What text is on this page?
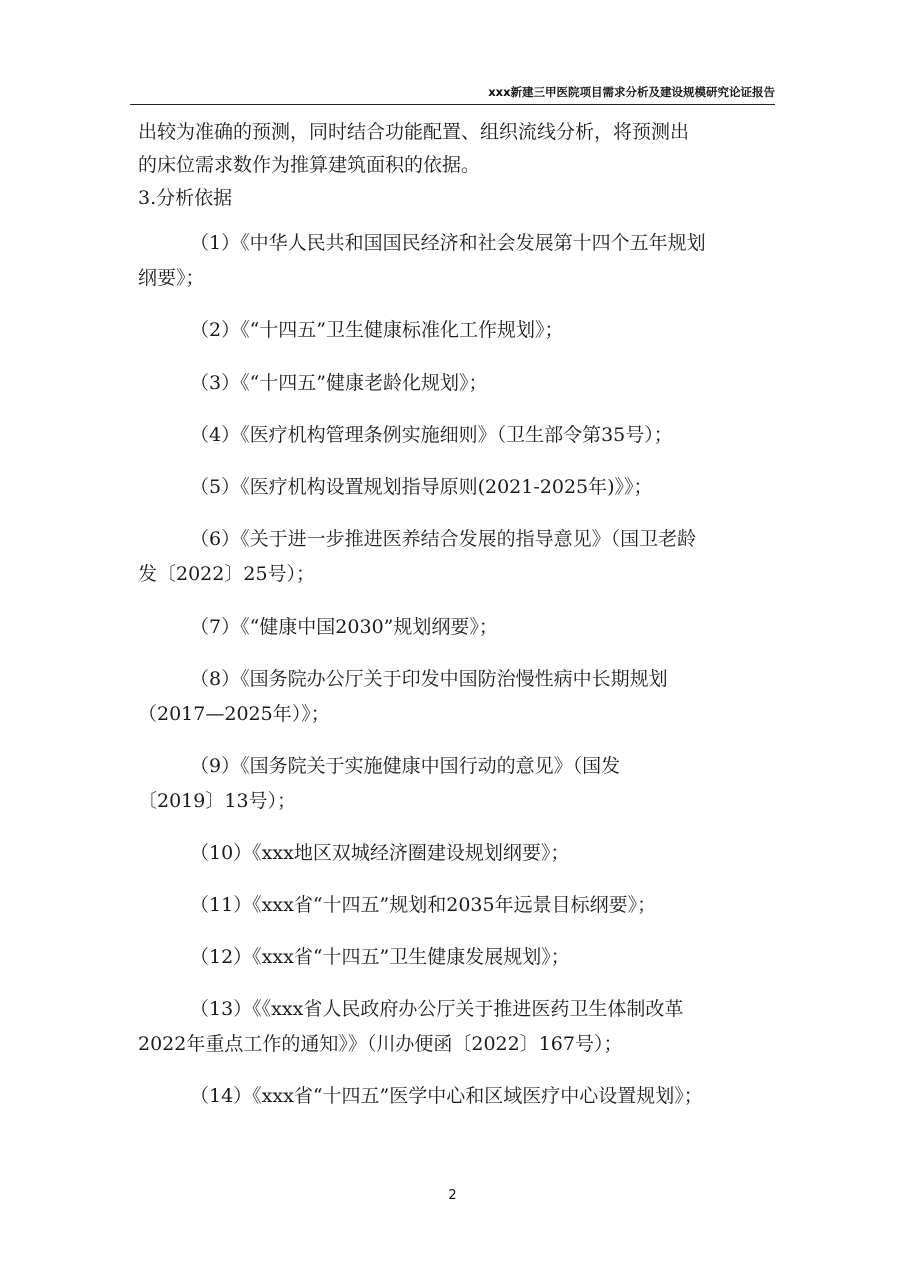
xxx新建三甲医院项目需求分析及建设规模研究论证报告

出较为准确的预测，同时结合功能配置、组织流线分析，将预测出

的床位需求数作为推算建筑面积的依据。

3.分析依据

（1）《中华人民共和国国民经济和社会发展第十四个五年规划
纲要》；
（2）《“十四五”卫生健康标准化工作规划》；
（3）《“十四五”健康老龄化规划》；
（4）《医疗机构管理条例实施细则》（卫生部令第35号）；
（5）《医疗机构设置规划指导原则(2021-2025年)》》；
（6）《关于进一步推进医养结合发展的指导意见》（国卫老龄
发〔2022〕25号）；
（7）《“健康中国2030”规划纲要》；
（8）《国务院办公厅关于印发中国防治慢性病中长期规划
（2017—2025年）》；
（9）《国务院关于实施健康中国行动的意见》（国发
〔2019〕13号）；
（10）《xxx地区双城经济圈建设规划纲要》；
（11）《xxx省“十四五”规划和2035年远景目标纲要》；
（12）《xxx省“十四五”卫生健康发展规划》；
（13）《《xxx省人民政府办公厅关于推进医药卫生体制改革
2022年重点工作的通知》》（川办便函〔2022〕167号）；
（14）《xxx省“十四五”医学中心和区域医疗中心设置规划》；
2
